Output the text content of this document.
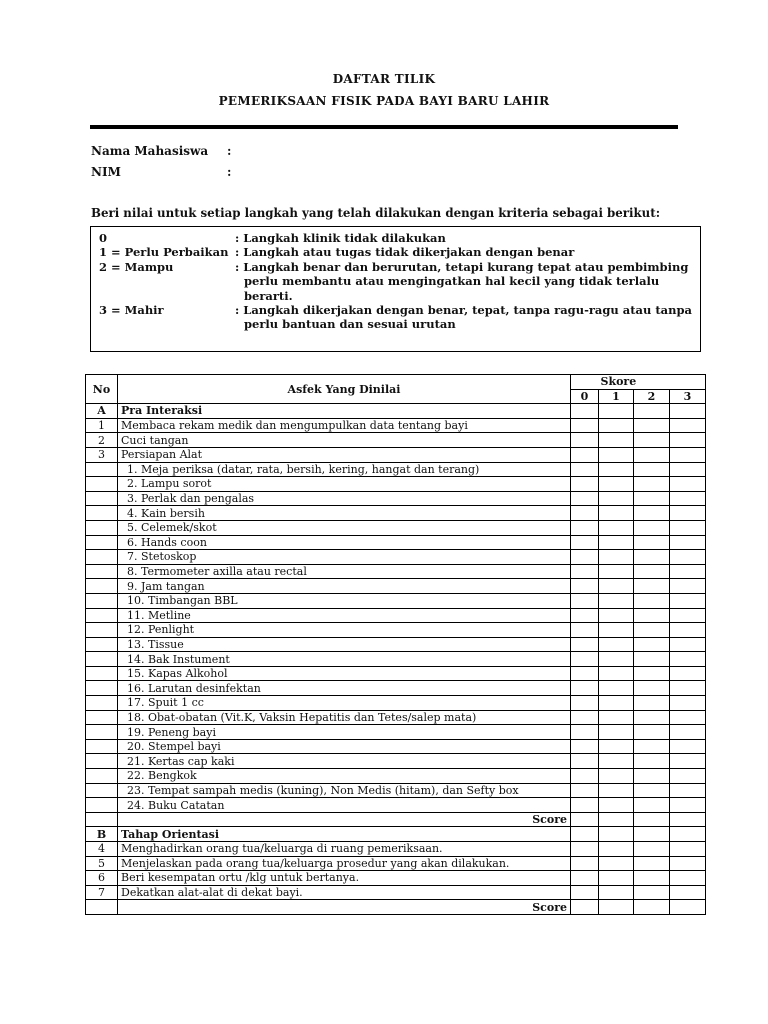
DAFTAR TILIK
PEMERIKSAAN FISIK PADA BAYI BARU LAHIR
Nama Mahasiswa :
NIM	:
Beri nilai untuk setiap langkah yang telah dilakukan dengan kriteria sebagai berikut:
0	: Langkah klinik tidak dilakukan
1 = Perlu Perbaikan : Langkah atau tugas tidak dikerjakan dengan benar
2 = Mampu	: Langkah benar dan berurutan, tetapi kurang tepat atau pembimbing perlu membantu atau mengingatkan hal kecil yang tidak terlalu berarti.
3 = Mahir	: Langkah dikerjakan dengan benar, tepat, tanpa ragu-ragu atau tanpa perlu bantuan dan sesuai urutan
No	Asfek Yang Dinilai		Skore		
		0	1	2	3
A	Pra Interaksi				
1	Membaca rekam medik dan mengumpulkan data tentang bayi				
2	Cuci tangan				
3	Persiapan Alat				
	1. Meja periksa (datar, rata, bersih, kering, hangat dan terang)				
	2. Lampu sorot				
	3. Perlak dan pengalas				
	4. Kain bersih				
	5. Celemek/skot				
	6. Hands coon				
	7. Stetoskop				
	8. Termometer axilla atau rectal				
	9. Jam tangan				
	10. Timbangan BBL				
	11. Metline				
	12. Penlight				
	13. Tissue				
	14. Bak Instument				
	15. Kapas Alkohol				
	16. Larutan desinfektan				
	17. Spuit 1 cc				
	18. Obat-obatan (Vit.K, Vaksin Hepatitis dan Tetes/salep mata)				
	19. Peneng bayi				
	20. Stempel bayi				
	21. Kertas cap kaki				
	22. Bengkok				
	23. Tempat sampah medis (kuning), Non Medis (hitam), dan Sefty box				
	24. Buku Catatan				
	Score				
B	Tahap Orientasi				
4	Menghadirkan orang tua/keluarga di ruang pemeriksaan.				
5	Menjelaskan pada orang tua/keluarga prosedur yang akan dilakukan.				
6	Beri kesempatan ortu /klg untuk bertanya.				
7	Dekatkan alat-alat di dekat bayi.				
	Score				
